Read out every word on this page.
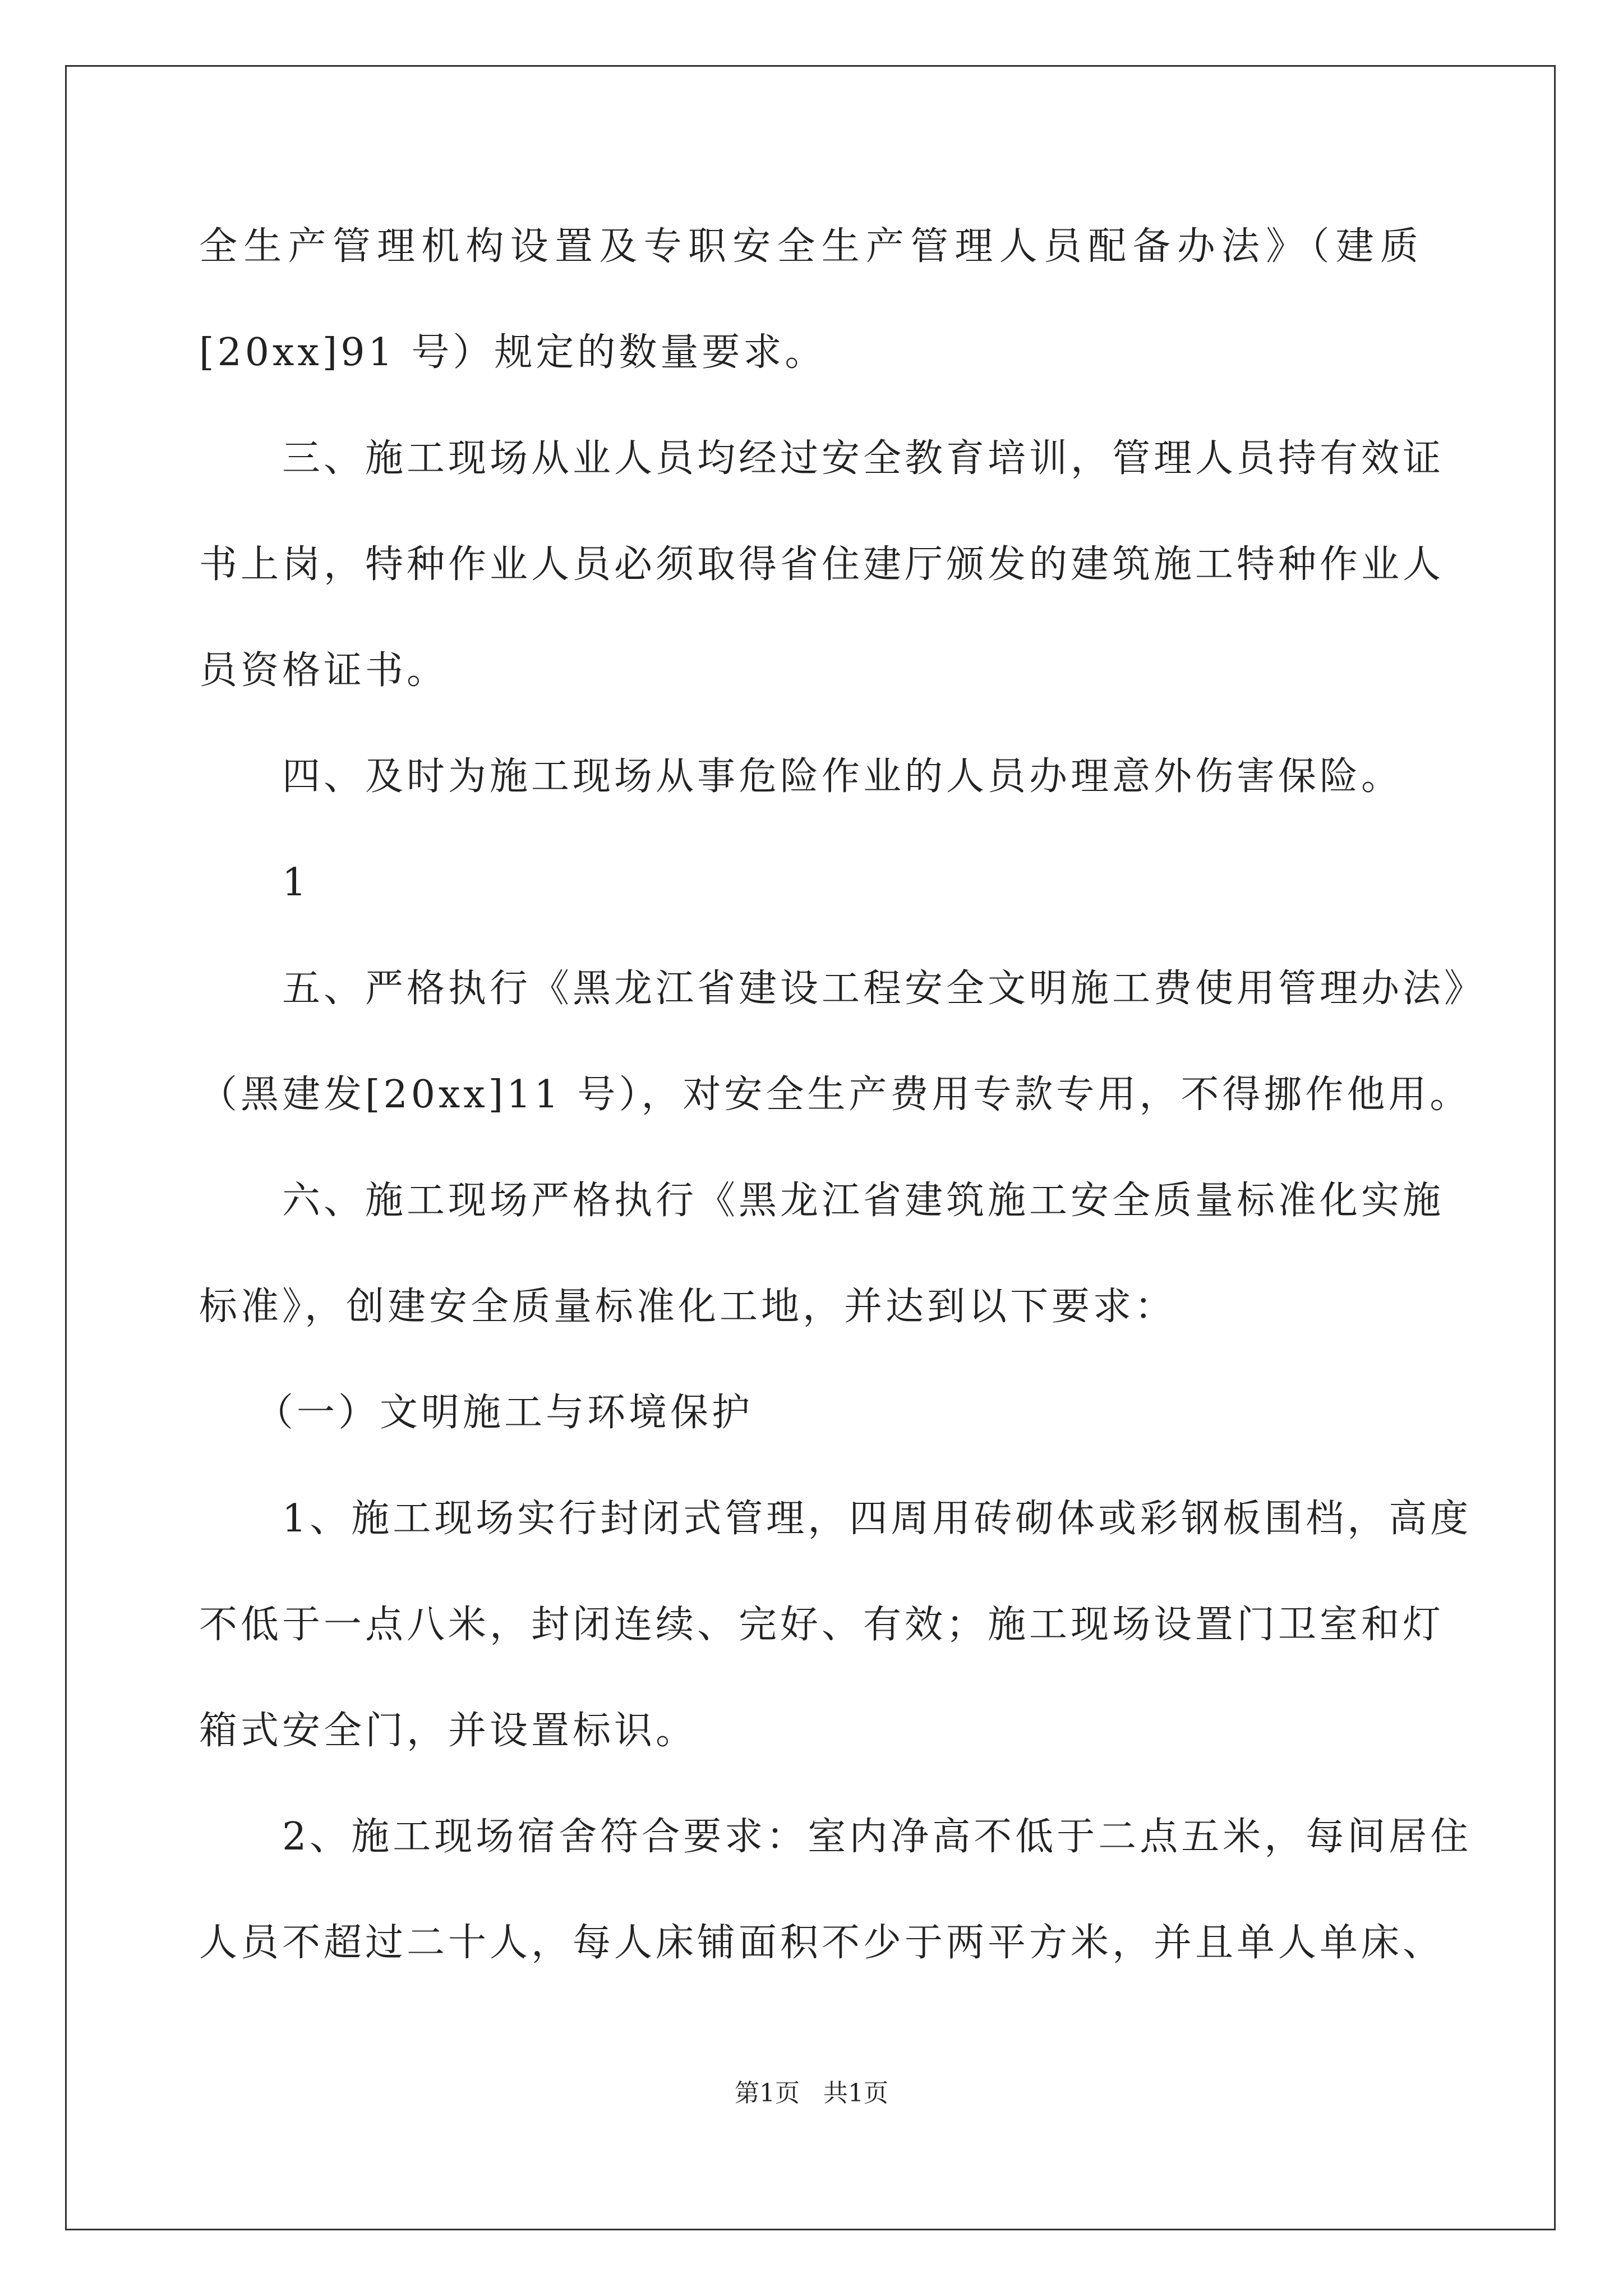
全生产管理机构设置及专职安全生产管理人员配备办法》（建质
[20xx]91 号）规定的数量要求。
三、施工现场从业人员均经过安全教育培训，管理人员持有效证
书上岗，特种作业人员必须取得省住建厅颁发的建筑施工特种作业人
员资格证书。
四、及时为施工现场从事危险作业的人员办理意外伤害保险。
1
五、严格执行《黑龙江省建设工程安全文明施工费使用管理办法》
（黑建发[20xx]11 号），对安全生产费用专款专用，不得挪作他用。
六、施工现场严格执行《黑龙江省建筑施工安全质量标准化实施
标准》，创建安全质量标准化工地，并达到以下要求：
（一）文明施工与环境保护
1、施工现场实行封闭式管理，四周用砖砌体或彩钢板围档，高度
不低于一点八米，封闭连续、完好、有效；施工现场设置门卫室和灯
箱式安全门，并设置标识。
2、施工现场宿舍符合要求：室内净高不低于二点五米，每间居住
人员不超过二十人，每人床铺面积不少于两平方米，并且单人单床、
第1页   共1页
